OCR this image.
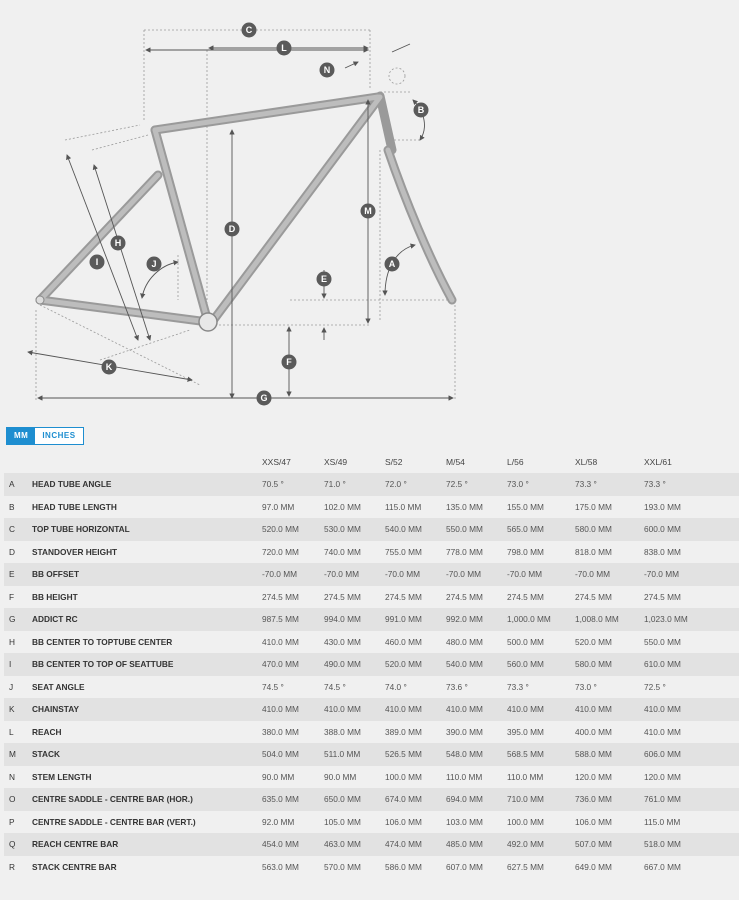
C
L
N
B
M
D
H
J
I	A
E
F
K
G
MM	INCHES
XXS/47	XS/49	S/52	M/54	L/56	XL/58	XXL/61
A HEAD TUBE ANGLE	70.5 °	71.0 °	72.0 °	72.5 °	73.0 °	73.3 °	73.3 °
B HEAD TUBE LENGTH	97.0 MM	102.0 MM	115.0 MM	135.0 MM	155.0 MM	175.0 MM	193.0 MM
C TOP TUBE HORIZONTAL	520.0 MM	530.0 MM	540.0 MM	550.0 MM	565.0 MM	580.0 MM	600.0 MM
D STANDOVER HEIGHT	720.0 MM	740.0 MM	755.0 MM	778.0 MM	798.0 MM	818.0 MM	838.0 MM
E BB OFFSET	-70.0 MM	-70.0 MM	-70.0 MM	-70.0 MM	-70.0 MM	-70.0 MM	-70.0 MM
F BB HEIGHT	274.5 MM	274.5 MM	274.5 MM	274.5 MM	274.5 MM	274.5 MM	274.5 MM
G ADDICT RC	987.5 MM	994.0 MM	991.0 MM	992.0 MM	1,000.0 MM	1,008.0 MM	1,023.0 MM
H BB CENTER TO TOPTUBE CENTER	410.0 MM	430.0 MM	460.0 MM	480.0 MM	500.0 MM	520.0 MM	550.0 MM
I BB CENTER TO TOP OF SEATTUBE	470.0 MM	490.0 MM	520.0 MM	540.0 MM	560.0 MM	580.0 MM	610.0 MM
J SEAT ANGLE	74.5 °	74.5 °	74.0 °	73.6 °	73.3 °	73.0 °	72.5 °
K CHAINSTAY	410.0 MM	410.0 MM	410.0 MM	410.0 MM	410.0 MM	410.0 MM	410.0 MM
L REACH	380.0 MM	388.0 MM	389.0 MM	390.0 MM	395.0 MM	400.0 MM	410.0 MM
M STACK	504.0 MM	511.0 MM	526.5 MM	548.0 MM	568.5 MM	588.0 MM	606.0 MM
N STEM LENGTH	90.0 MM	90.0 MM	100.0 MM	110.0 MM	110.0 MM	120.0 MM	120.0 MM
O CENTRE SADDLE - CENTRE BAR (HOR.)	635.0 MM	650.0 MM	674.0 MM	694.0 MM	710.0 MM	736.0 MM	761.0 MM
P CENTRE SADDLE - CENTRE BAR (VERT.)	92.0 MM	105.0 MM	106.0 MM	103.0 MM	100.0 MM	106.0 MM	115.0 MM
Q REACH CENTRE BAR	454.0 MM	463.0 MM	474.0 MM	485.0 MM	492.0 MM	507.0 MM	518.0 MM
R STACK CENTRE BAR	563.0 MM	570.0 MM	586.0 MM	607.0 MM	627.5 MM	649.0 MM	667.0 MM
